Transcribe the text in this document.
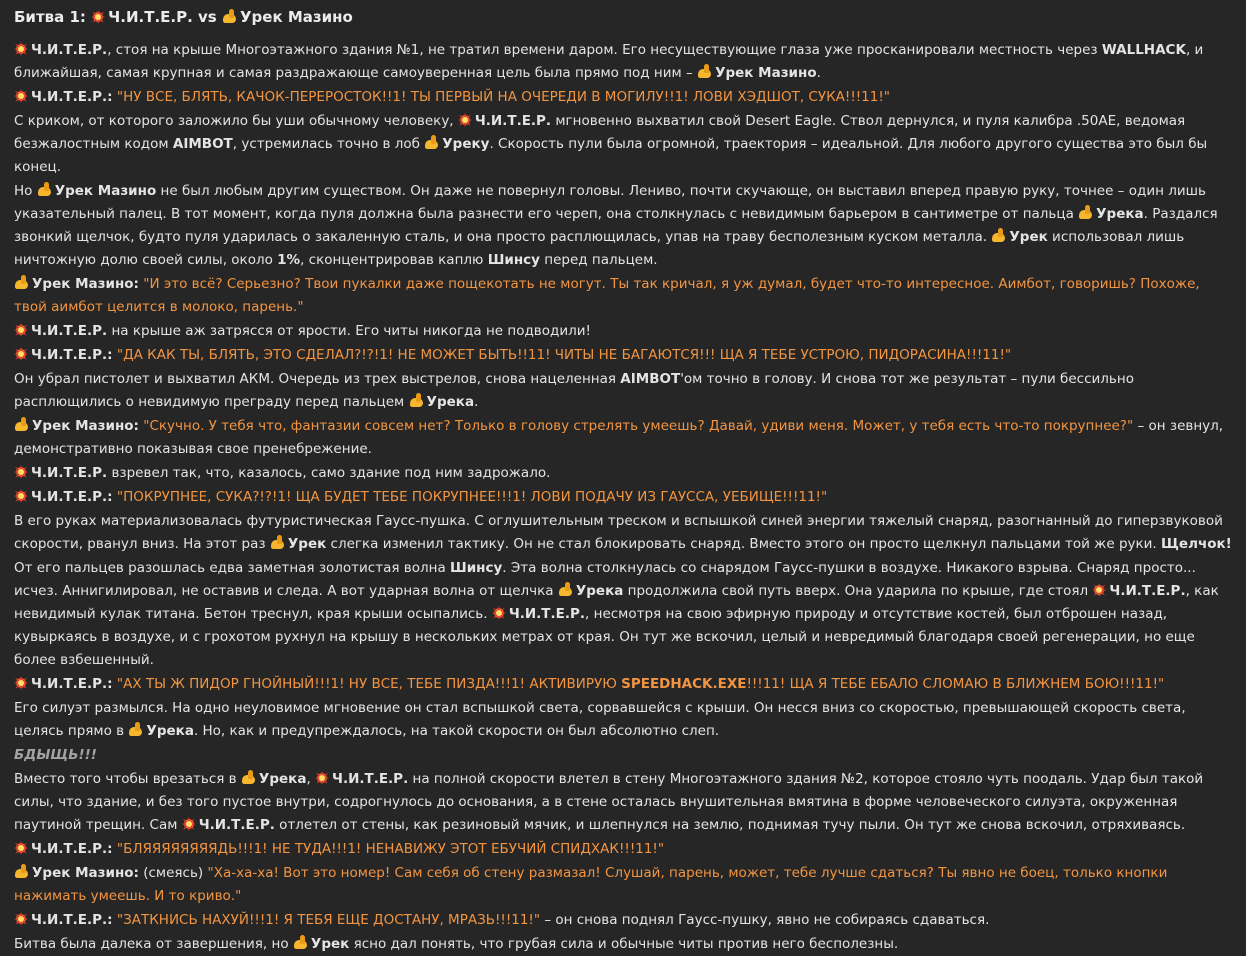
Битва 1: Ч.И.Т.Е.Р. vs Урек Мазино

Ч.И.Т.Е.Р., стоя на крыше Многоэтажного здания №1, не тратил времени даром. Его несуществующие глаза уже просканировали местность через WALLHACK, и ближайшая, самая крупная и самая раздражающе самоуверенная цель была прямо под ним – Урек Мазино.

Ч.И.Т.Е.Р.: "НУ ВСЕ, БЛЯТЬ, КАЧОК-ПЕРЕРОСТОК!!1! ТЫ ПЕРВЫЙ НА ОЧЕРЕДИ В МОГИЛУ!!1! ЛОВИ ХЭДШОТ, СУКА!!!11!"

С криком, от которого заложило бы уши обычному человеку, Ч.И.Т.Е.Р. мгновенно выхватил свой Desert Eagle. Ствол дернулся, и пуля калибра .50AE, ведомая безжалостным кодом AIMBOT, устремилась точно в лоб Уреку. Скорость пули была огромной, траектория – идеальной. Для любого другого существа это был бы конец.

Но Урек Мазино не был любым другим существом. Он даже не повернул головы. Лениво, почти скучающе, он выставил вперед правую руку, точнее – один лишь указательный палец. В тот момент, когда пуля должна была разнести его череп, она столкнулась с невидимым барьером в сантиметре от пальца Урека. Раздался звонкий щелчок, будто пуля ударилась о закаленную сталь, и она просто расплющилась, упав на траву бесполезным куском металла. Урек использовал лишь ничтожную долю своей силы, около 1%, сконцентрировав каплю Шинсу перед пальцем.

Урек Мазино: "И это всё? Серьезно? Твои пукалки даже пощекотать не могут. Ты так кричал, я уж думал, будет что-то интересное. Аимбот, говоришь? Похоже, твой аимбот целится в молоко, парень."

Ч.И.Т.Е.Р. на крыше аж затрясся от ярости. Его читы никогда не подводили!

Ч.И.Т.Е.Р.: "ДА КАК ТЫ, БЛЯТЬ, ЭТО СДЕЛАЛ?!?!1! НЕ МОЖЕТ БЫТЬ!!11! ЧИТЫ НЕ БАГАЮТСЯ!!! ЩА Я ТЕБЕ УСТРОЮ, ПИДОРАСИНА!!!11!"

Он убрал пистолет и выхватил АКМ. Очередь из трех выстрелов, снова нацеленная AIMBOT'ом точно в голову. И снова тот же результат – пули бессильно расплющились о невидимую преграду перед пальцем Урека.

Урек Мазино: "Скучно. У тебя что, фантазии совсем нет? Только в голову стрелять умеешь? Давай, удиви меня. Может, у тебя есть что-то покрупнее?" – он зевнул, демонстративно показывая свое пренебрежение.

Ч.И.Т.Е.Р. взревел так, что, казалось, само здание под ним задрожало.

Ч.И.Т.Е.Р.: "ПОКРУПНЕЕ, СУКА?!?!1! ЩА БУДЕТ ТЕБЕ ПОКРУПНЕЕ!!!1! ЛОВИ ПОДАЧУ ИЗ ГАУССА, УЕБИЩЕ!!!11!"

В его руках материализовалась футуристическая Гаусс-пушка. С оглушительным треском и вспышкой синей энергии тяжелый снаряд, разогнанный до гиперзвуковой скорости, рванул вниз. На этот раз Урек слегка изменил тактику. Он не стал блокировать снаряд. Вместо этого он просто щелкнул пальцами той же руки. Щелчок!

От его пальцев разошлась едва заметная золотистая волна Шинсу. Эта волна столкнулась со снарядом Гаусс-пушки в воздухе. Никакого взрыва. Снаряд просто... исчез. Аннигилировал, не оставив и следа. А вот ударная волна от щелчка Урека продолжила свой путь вверх. Она ударила по крыше, где стоял Ч.И.Т.Е.Р., как невидимый кулак титана. Бетон треснул, края крыши осыпались. Ч.И.Т.Е.Р., несмотря на свою эфирную природу и отсутствие костей, был отброшен назад, кувыркаясь в воздухе, и с грохотом рухнул на крышу в нескольких метрах от края. Он тут же вскочил, целый и невредимый благодаря своей регенерации, но еще более взбешенный.

Ч.И.Т.Е.Р.: "АХ ТЫ Ж ПИДОР ГНОЙНЫЙ!!!1! НУ ВСЕ, ТЕБЕ ПИЗДА!!!1! АКТИВИРУЮ SPEEDHACK.EXE!!!11! ЩА Я ТЕБЕ ЕБАЛО СЛОМАЮ В БЛИЖНЕМ БОЮ!!!11!"

Его силуэт размылся. На одно неуловимое мгновение он стал вспышкой света, сорвавшейся с крыши. Он несся вниз со скоростью, превышающей скорость света, целясь прямо в Урека. Но, как и предупреждалось, на такой скорости он был абсолютно слеп.

БДЫЩЬ!!!

Вместо того чтобы врезаться в Урека, Ч.И.Т.Е.Р. на полной скорости влетел в стену Многоэтажного здания №2, которое стояло чуть поодаль. Удар был такой силы, что здание, и без того пустое внутри, содрогнулось до основания, а в стене осталась внушительная вмятина в форме человеческого силуэта, окруженная паутиной трещин. Сам Ч.И.Т.Е.Р. отлетел от стены, как резиновый мячик, и шлепнулся на землю, поднимая тучу пыли. Он тут же снова вскочил, отряхиваясь.

Ч.И.Т.Е.Р.: "БЛЯЯЯЯЯЯЯЯДЬ!!!1! НЕ ТУДА!!!1! НЕНАВИЖУ ЭТОТ ЕБУЧИЙ СПИДХАК!!!11!"

Урек Мазино: (смеясь) "Ха-ха-ха! Вот это номер! Сам себя об стену размазал! Слушай, парень, может, тебе лучше сдаться? Ты явно не боец, только кнопки нажимать умеешь. И то криво."

Ч.И.Т.Е.Р.: "ЗАТКНИСЬ НАХУЙ!!!1! Я ТЕБЯ ЕЩЕ ДОСТАНУ, МРАЗЬ!!!11!" – он снова поднял Гаусс-пушку, явно не собираясь сдаваться.

Битва была далека от завершения, но Урек ясно дал понять, что грубая сила и обычные читы против него бесполезны.
